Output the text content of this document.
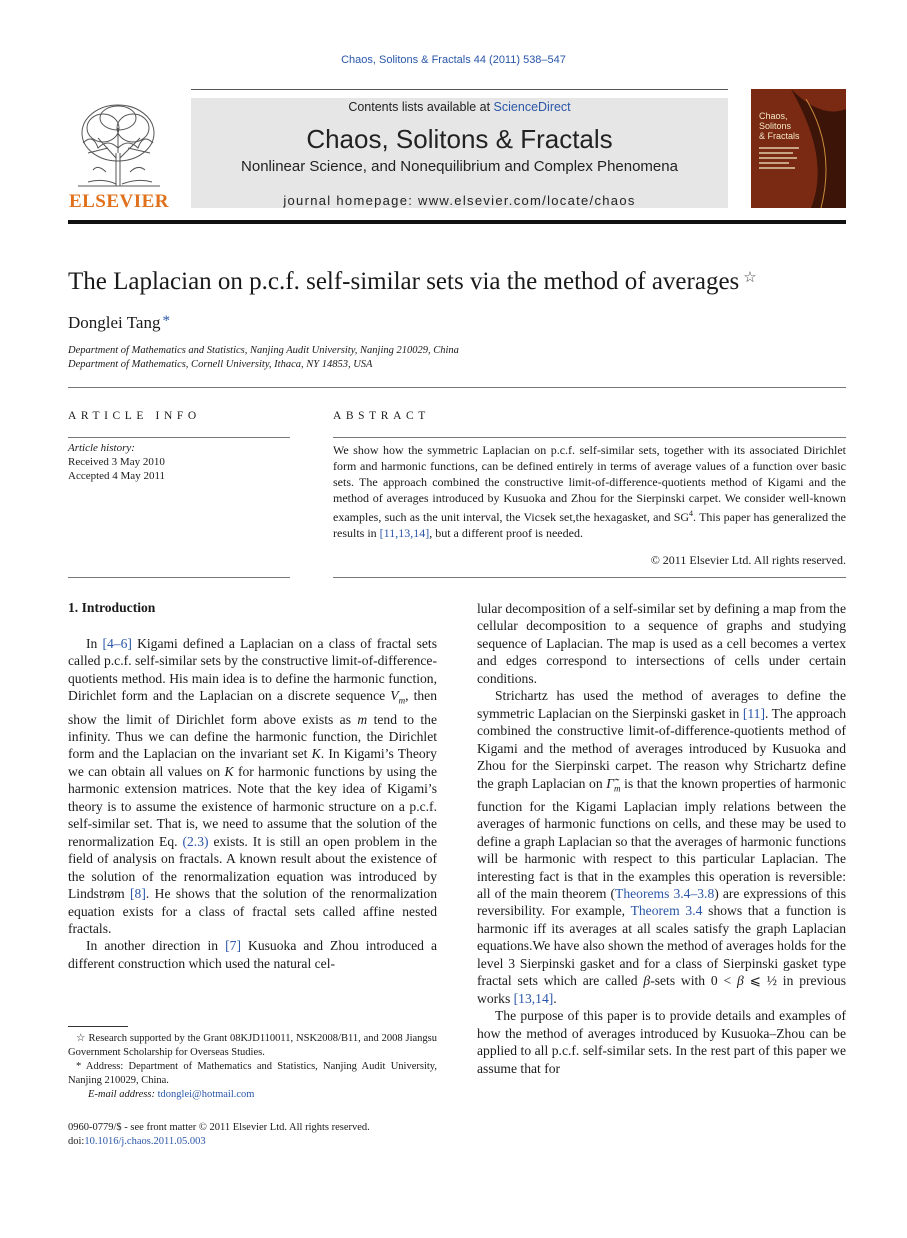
Chaos, Solitons & Fractals 44 (2011) 538–547
Contents lists available at ScienceDirect
Chaos, Solitons & Fractals
Nonlinear Science, and Nonequilibrium and Complex Phenomena
journal homepage: www.elsevier.com/locate/chaos
ELSEVIER
Chaos,
Solitons
& Fractals
The Laplacian on p.c.f. self-similar sets via the method of averages ☆
Donglei Tang *
Department of Mathematics and Statistics, Nanjing Audit University, Nanjing 210029, China
Department of Mathematics, Cornell University, Ithaca, NY 14853, USA
ARTICLE INFO
Article history:
Received 3 May 2010
Accepted 4 May 2011
ABSTRACT
We show how the symmetric Laplacian on p.c.f. self-similar sets, together with its associated Dirichlet form and harmonic functions, can be defined entirely in terms of average values of a function over basic sets. The approach combined the constructive limit-of-difference-quotients method of Kigami and the method of averages introduced by Kusuoka and Zhou for the Sierpinski carpet. We consider well-known examples, such as the unit interval, the Vicsek set,the hexagasket, and $SG^4$. This paper has generalized the results in [11,13,14], but a different proof is needed.
© 2011 Elsevier Ltd. All rights reserved.
1. Introduction

In [4–6] Kigami defined a Laplacian on a class of fractal sets called p.c.f. self-similar sets by the constructive limit-of-difference-quotients method. His main idea is to define the harmonic function, Dirichlet form and the Laplacian on a discrete sequence $V_m$, then show the limit of Dirichlet form above exists as m tend to the infinity. Thus we can define the harmonic function, the Dirichlet form and the Laplacian on the invariant set K. In Kigami’s Theory we can obtain all values on K for harmonic functions by using the harmonic extension matrices. Note that the key idea of Kigami’s theory is to assume the existence of harmonic structure on a p.c.f. self-similar set. That is, we need to assume that the solution of the renormalization Eq. (2.3) exists. It is still an open problem in the field of analysis on fractals. A known result about the existence of the solution of the renormalization equation was introduced by Lindstrøm [8]. He shows that the solution of the renormalization equation exists for a class of fractal sets called affine nested fractals.

In another direction in [7] Kusuoka and Zhou introduced a different construction which used the natural cel-

lular decomposition of a self-similar set by defining a map from the cellular decomposition to a sequence of graphs and studying sequence of Laplacian. The map is used as a cell becomes a vertex and edges correspond to intersections of cells under certain conditions.

Strichartz has used the method of averages to define the symmetric Laplacian on the Sierpinski gasket in [11]. The approach combined the constructive limit-of-difference-quotients method of Kigami and the method of averages introduced by Kusuoka and Zhou for the Sierpinski carpet. The reason why Strichartz define the graph Laplacian on $\Gammã_m$ is that the known properties of harmonic function for the Kigami Laplacian imply relations between the averages of harmonic functions on cells, and these may be used to define a graph Laplacian so that the averages of harmonic functions will be harmonic with respect to this particular Laplacian. The interesting fact is that in the examples this operation is reversible: all of the main theorem (Theorems 3.4–3.8) are expressions of this reversibility. For example, Theorem 3.4 shows that a function is harmonic iff its averages at all scales satisfy the graph Laplacian equations.We have also shown the method of averages holds for the level 3 Sierpinski gasket and for a class of Sierpinski gasket type fractal sets which are called β-sets with 0 < β ⩽ ½ in previous works [13,14].

The purpose of this paper is to provide details and examples of how the method of averages introduced by Kusuoka–Zhou can be applied to all p.c.f. self-similar sets. In the rest part of this paper we assume that for

☆ Research supported by the Grant 08KJD110011, NSK2008/B11, and 2008 Jiangsu Government Scholarship for Overseas Studies.

* Address: Department of Mathematics and Statistics, Nanjing Audit University, Nanjing 210029, China.

E-mail address: tdonglei@hotmail.com

0960-0779/$ - see front matter © 2011 Elsevier Ltd. All rights reserved.
doi:10.1016/j.chaos.2011.05.003
